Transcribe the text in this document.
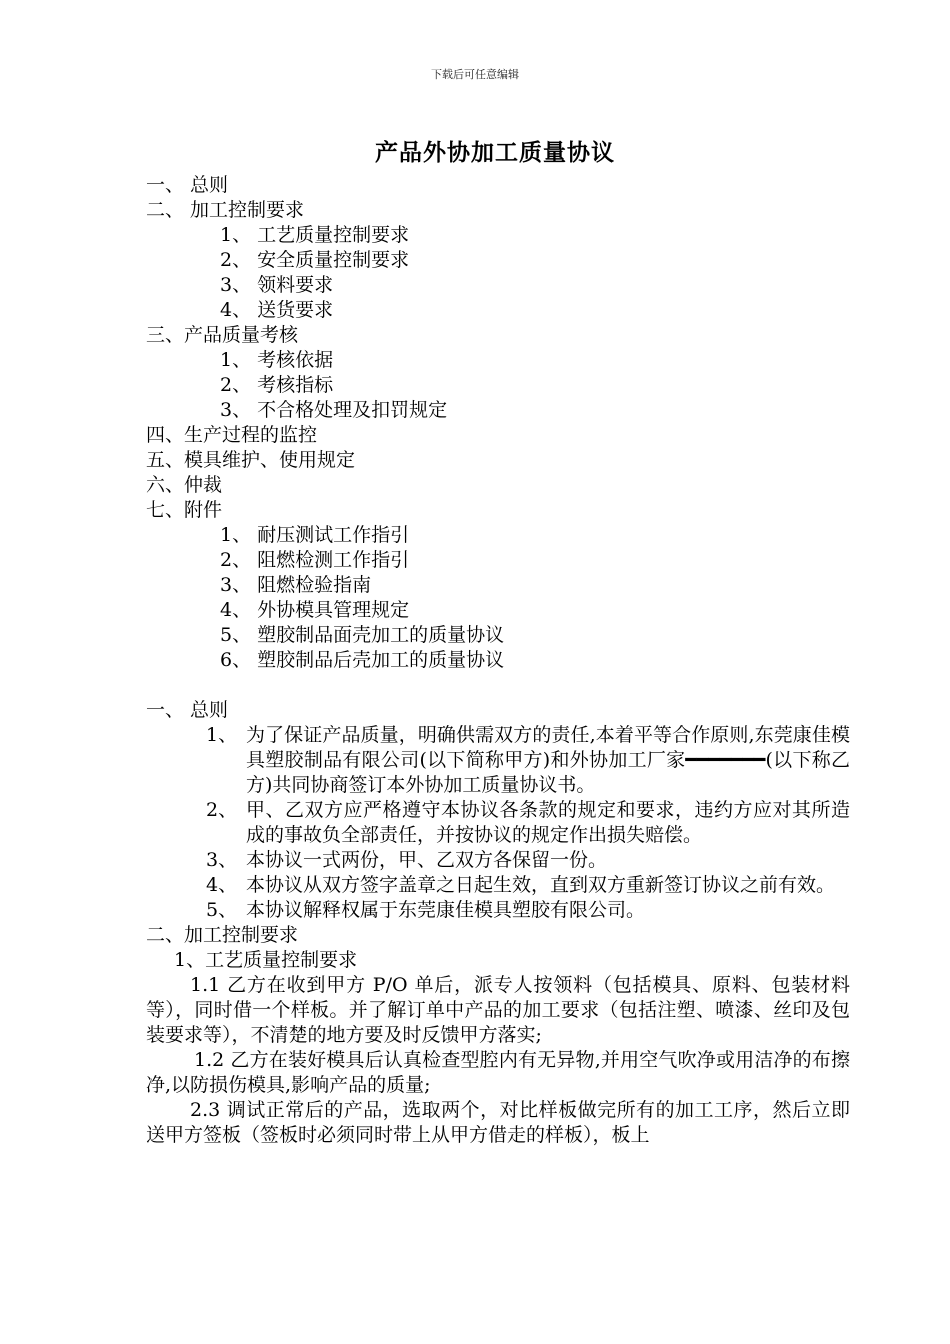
下载后可任意编辑
产品外协加工质量协议
一、 总则
二、 加工控制要求
1、 工艺质量控制要求
2、 安全质量控制要求
3、 领料要求
4、 送货要求
三、产品质量考核
1、 考核依据
2、 考核指标
3、 不合格处理及扣罚规定
四、生产过程的监控
五、模具维护、使用规定
六、仲裁
七、附件
1、 耐压测试工作指引
2、 阻燃检测工作指引
3、 阻燃检验指南
4、 外协模具管理规定
5、 塑胶制品面壳加工的质量协议
6、 塑胶制品后壳加工的质量协议
一、 总则
1、 为了保证产品质量，明确供需双方的责任,本着平等合作原则,东莞康佳模具塑胶制品有限公司(以下简称甲方)和外协加工厂家━━━━━━━(以下称乙方)共同协商签订本外协加工质量协议书。
2、 甲、乙双方应严格遵守本协议各条款的规定和要求，违约方应对其所造成的事故负全部责任，并按协议的规定作出损失赔偿。
3、 本协议一式两份，甲、乙双方各保留一份。
4、 本协议从双方签字盖章之日起生效，直到双方重新签订协议之前有效。
5、 本协议解释权属于东莞康佳模具塑胶有限公司。
二、加工控制要求
1、工艺质量控制要求
1.1 乙方在收到甲方 P/O 单后，派专人按领料（包括模具、原料、包装材料等），同时借一个样板。并了解订单中产品的加工要求（包括注塑、喷漆、丝印及包装要求等），不清楚的地方要及时反馈甲方落实;
1.2 乙方在装好模具后认真检查型腔内有无异物,并用空气吹净或用洁净的布擦净,以防损伤模具,影响产品的质量;
2.3 调试正常后的产品，选取两个，对比样板做完所有的加工工序，然后立即送甲方签板（签板时必须同时带上从甲方借走的样板），板上
